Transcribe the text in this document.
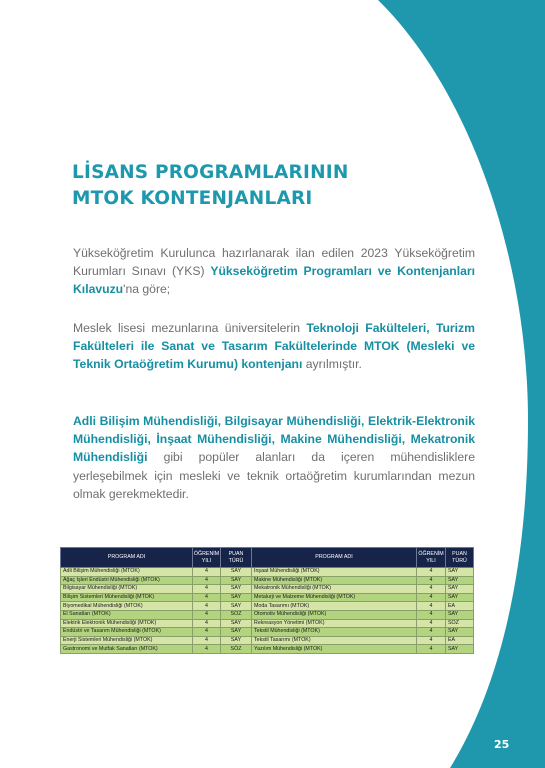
LİSANS PROGRAMLARININ
MTOK KONTENJANLARI
Yükseköğretim Kurulunca hazırlanarak ilan edilen 2023 Yükseköğretim Kurumları Sınavı (YKS) Yükseköğretim Programları ve Kontenjanları Kılavuzu'na göre;
Meslek lisesi mezunlarına üniversitelerin Teknoloji Fakülteleri, Turizm Fakülteleri ile Sanat ve Tasarım Fakültelerinde MTOK (Mesleki ve Teknik Ortaöğretim Kurumu) kontenjanı ayrılmıştır.
Adli Bilişim Mühendisliği, Bilgisayar Mühendisliği, Elektrik-Elektronik Mühendisliği, İnşaat Mühendisliği, Makine Mühendisliği, Mekatronik Mühendisliği gibi popüler alanları da içeren mühendisliklere yerleşebilmek için mesleki ve teknik ortaöğretim kurumlarından mezun olmak gerekmektedir.
PROGRAM ADI	ÖĞRENİM YILI	PUAN TÜRÜ	PROGRAM ADI	ÖĞRENİM YILI	PUAN TÜRÜ
Adli Bilişim Mühendisliği (MTOK)	4	SAY	İnşaat Mühendisliği (MTOK)	4	SAY
Ağaç İşleri Endüstri Mühendisliği (MTOK)	4	SAY	Makine Mühendisliği (MTOK)	4	SAY
Bilgisayar Mühendisliği (MTOK)	4	SAY	Mekatronik Mühendisliği (MTOK)	4	SAY
Bilişim Sistemleri Mühendisliği (MTOK)	4	SAY	Metalurji ve Malzeme Mühendisliği (MTOK)	4	SAY
Biyomedikal Mühendisliği (MTOK)	4	SAY	Moda Tasarımı (MTOK)	4	EA
El Sanatları (MTOK)	4	SÖZ	Otomotiv Mühendisliği (MTOK)	4	SAY
Elektrik Elektronik Mühendisliği (MTOK)	4	SAY	Rekreasyon Yönetimi (MTOK)	4	SÖZ
Endüstri ve Tasarım Mühendisliği (MTOK)	4	SAY	Tekstil Mühendisliği (MTOK)	4	SAY
Enerji Sistemleri Mühendisliği (MTOK)	4	SAY	Tekstil Tasarımı (MTOK)	4	EA
Gastronomi ve Mutfak Sanatları (MTOK)	4	SÖZ	Yazılım Mühendisliği (MTOK)	4	SAY
25
